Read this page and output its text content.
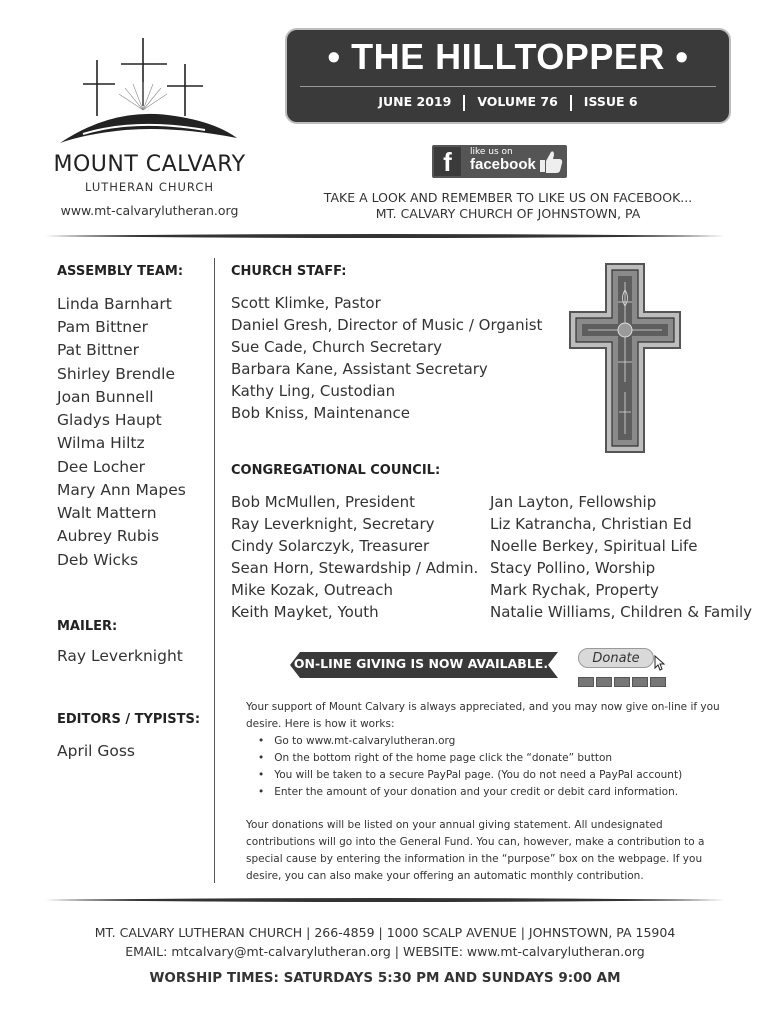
MOUNT CALVARY
LUTHERAN CHURCH
www.mt-calvarylutheran.org
• THE HILLTOPPER •
JUNE 2019 VOLUME 76 ISSUE 6
f	like us on
facebook
TAKE A LOOK AND REMEMBER TO LIKE US ON FACEBOOK...
MT. CALVARY CHURCH OF JOHNSTOWN, PA
ASSEMBLY TEAM:
Linda Barnhart
Pam Bittner
Pat Bittner
Shirley Brendle
Joan Bunnell
Gladys Haupt
Wilma Hiltz
Dee Locher
Mary Ann Mapes
Walt Mattern
Aubrey Rubis
Deb Wicks
MAILER:
Ray Leverknight
EDITORS / TYPISTS:
April Goss
CHURCH STAFF:
Scott Klimke, Pastor
Daniel Gresh, Director of Music / Organist
Sue Cade, Church Secretary
Barbara Kane, Assistant Secretary
Kathy Ling, Custodian
Bob Kniss, Maintenance
CONGREGATIONAL COUNCIL:
Bob McMullen, President
Ray Leverknight, Secretary
Cindy Solarczyk, Treasurer
Sean Horn, Stewardship / Admin.
Mike Kozak, Outreach
Keith Mayket, Youth
Jan Layton, Fellowship
Liz Katrancha, Christian Ed
Noelle Berkey, Spiritual Life
Stacy Pollino, Worship
Mark Rychak, Property
Natalie Williams, Children & Family
ON-LINE GIVING IS NOW AVAILABLE.	Donate
Your support of Mount Calvary is always appreciated, and you may now give on-line if you desire. Here is how it works:
• Go to www.mt-calvarylutheran.org
• On the bottom right of the home page click the “donate” button
• You will be taken to a secure PayPal page. (You do not need a PayPal account)
• Enter the amount of your donation and your credit or debit card information.
Your donations will be listed on your annual giving statement. All undesignated contributions will go into the General Fund. You can, however, make a contribution to a special cause by entering the information in the “purpose” box on the webpage. If you desire, you can also make your offering an automatic monthly contribution.
MT. CALVARY LUTHERAN CHURCH | 266-4859 | 1000 SCALP AVENUE | JOHNSTOWN, PA 15904
EMAIL: mtcalvary@mt-calvarylutheran.org | WEBSITE: www.mt-calvarylutheran.org
WORSHIP TIMES: SATURDAYS 5:30 PM AND SUNDAYS 9:00 AM
